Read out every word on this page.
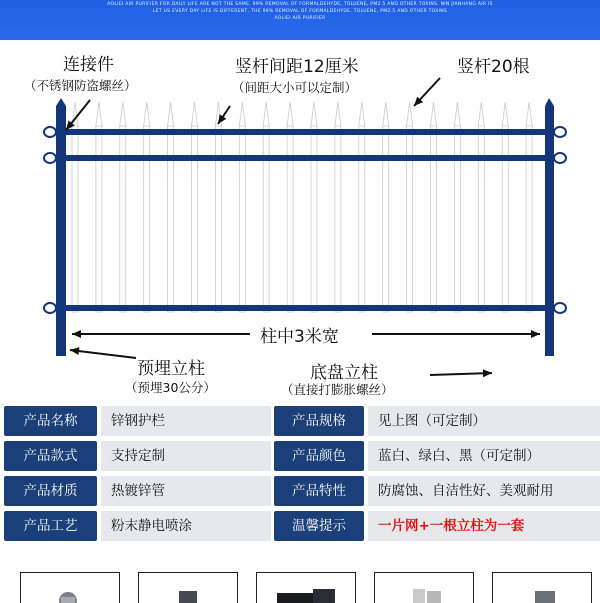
AOLIEI AIR PURIFIER FOR DAILY LIFE ARE NOT THE SAME. 99% REMOVAL OF FORMALDEHYDE, TOLUENE, PM2.5 AND OTHER TOXINS. NIN JIANHANG AIR IS
LET US EVERY DAY LIFE IS DIFFERENT, THE 99% REMOVAL OF FORMALDEHYDE, TOLUENE, PM2.5 AND OTHER TOXINS
AOLIEI AIR PURIFIER
连接件
（不锈钢防盗螺丝）
竖杆间距12厘米
（间距大小可以定制）
竖杆20根
柱中3米宽
预埋立柱
（预埋30公分）
底盘立柱
（直接打膨胀螺丝）
产品名称	锌钢护栏	产品规格	见上图（可定制）
产品款式	支持定制	产品颜色	蓝白、绿白、黑（可定制）
产品材质	热镀锌管	产品特性	防腐蚀、自洁性好、美观耐用
产品工艺	粉末静电喷涂	温馨提示	一片网+一根立柱为一套
